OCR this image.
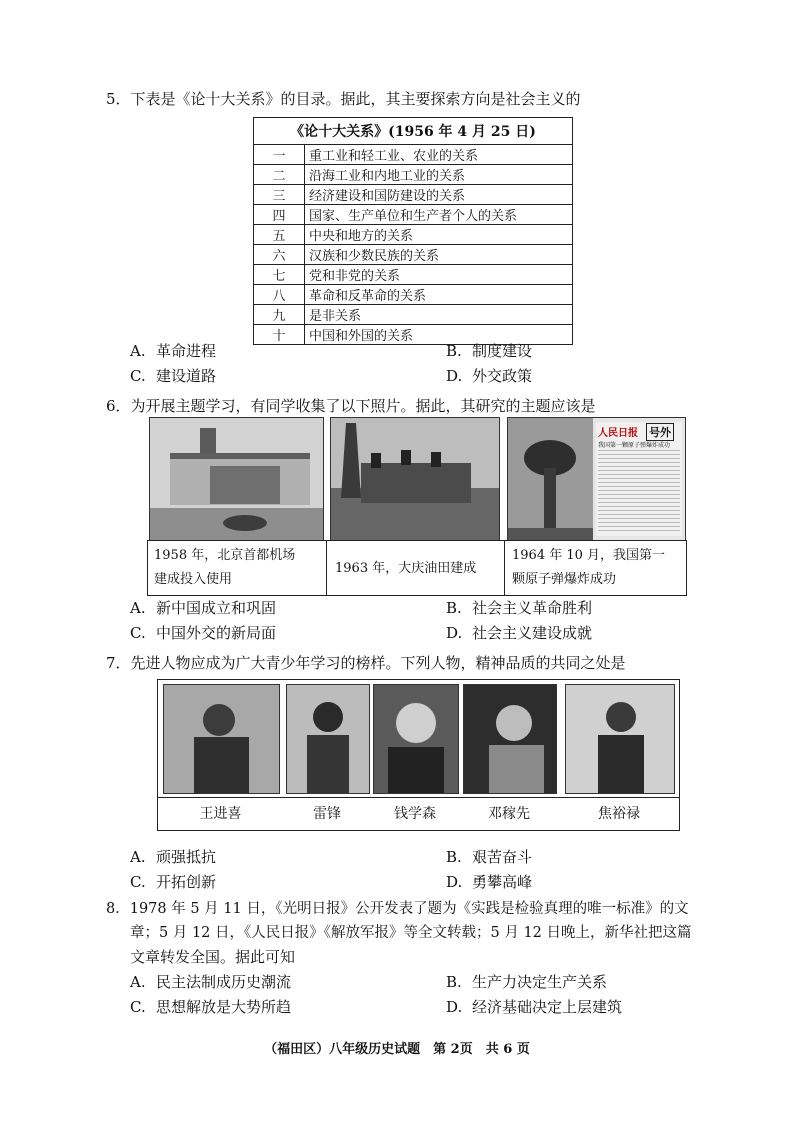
5．下表是《论十大关系》的目录。据此，其主要探索方向是社会主义的
《论十大关系》(1956 年 4 月 25 日)	
一	重工业和轻工业、农业的关系
二	沿海工业和内地工业的关系
三	经济建设和国防建设的关系
四	国家、生产单位和生产者个人的关系
五	中央和地方的关系
六	汉族和少数民族的关系
七	党和非党的关系
八	革命和反革命的关系
九	是非关系
十	中国和外国的关系
A. 革命进程	B. 制度建设
C. 建设道路	D. 外交政策
6．为开展主题学习，有同学收集了以下照片。据此，其研究的主题应该是
人民日报 号外
我国第一颗原子弹爆炸成功
1958 年，北京首都机场
建成投入使用
1963 年，大庆油田建成
1964 年 10 月，我国第一
颗原子弹爆炸成功
A. 新中国成立和巩固	B. 社会主义革命胜利
C. 中国外交的新局面	D. 社会主义建设成就
7．先进人物应成为广大青少年学习的榜样。下列人物，精神品质的共同之处是
王进喜	雷锋	钱学森	邓稼先	焦裕禄
A. 顽强抵抗	B. 艰苦奋斗
C. 开拓创新	D. 勇攀高峰
8．1978 年 5 月 11 日，《光明日报》公开发表了题为《实践是检验真理的唯一标准》的文
章；5 月 12 日，《人民日报》《解放军报》等全文转载；5 月 12 日晚上，新华社把这篇
文章转发全国。据此可知
A. 民主法制成历史潮流	B. 生产力决定生产关系
C. 思想解放是大势所趋	D. 经济基础决定上层建筑
（福田区）八年级历史试题　第 2页　共 6 页
